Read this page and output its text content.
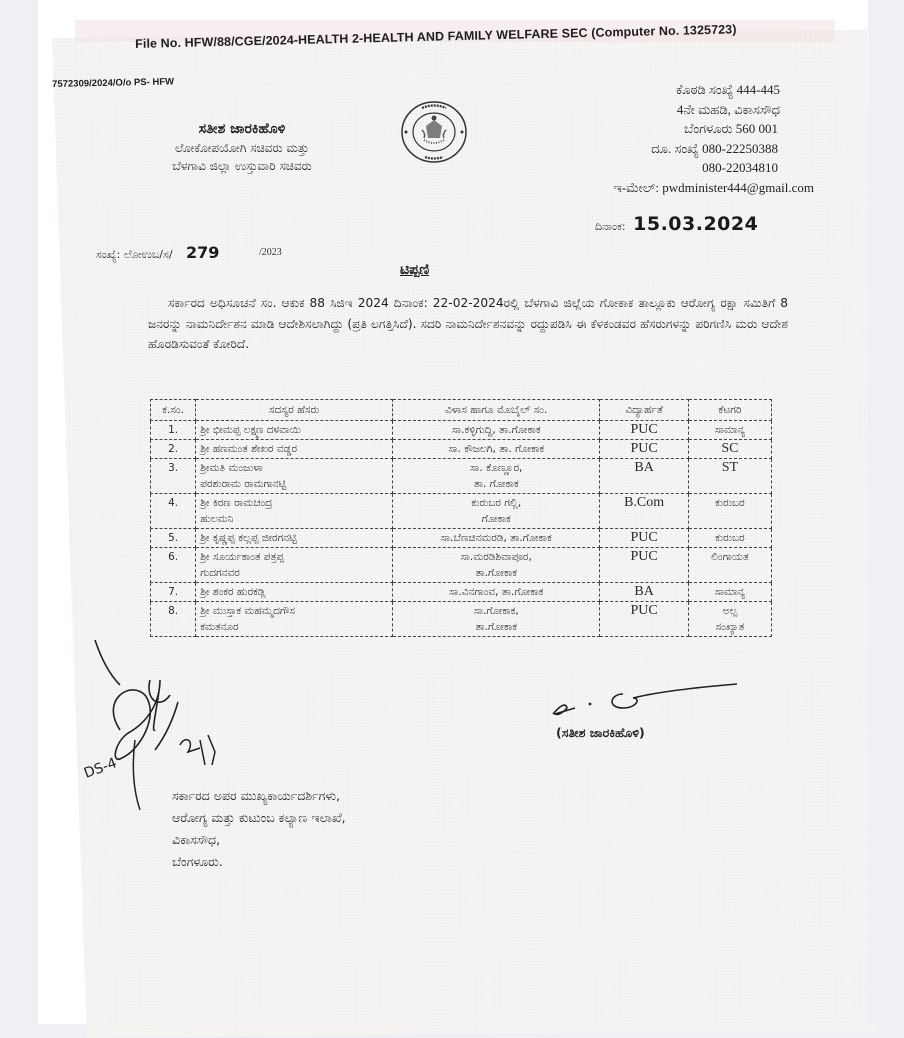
File No. HFW/88/CGE/2024-HEALTH 2-HEALTH AND FAMILY WELFARE SEC (Computer No. 1325723)
7572309/2024/O/o PS- HFW
ಸತೀಶ ಜಾರಕಿಹೊಳಿ
ಲೋಕೋಪಯೋಗಿ ಸಚಿವರು ಮತ್ತು
ಬೆಳಗಾವಿ ಜಿಲ್ಲಾ ಉಸ್ತುವಾರಿ ಸಚಿವರು
ಕೊಠಡಿ ಸಂಖ್ಯೆ 444-445
4ನೇ ಮಹಡಿ, ವಿಕಾಸಸೌಧ
ಬೆಂಗಳೂರು 560 001
ದೂ. ಸಂಖ್ಯೆ 080-22250388
080-22034810
ಇ-ಮೇಲ್: pwdminister444@gmail.com
ದಿನಾಂಕ: 15.03.2024
ಸಂಖ್ಯೆ: ಲೋಉಬ/ಸ/ 279	/2023
ಟಿಪ್ಪಣಿ
ಸರ್ಕಾರದ ಅಧಿಸೂಚನೆ ಸಂ. ಆಕುಕ 88 ಸಿಜಿಇ 2024 ದಿನಾಂಕ: 22-02-2024ರಲ್ಲಿ ಬೆಳಗಾವಿ ಜಿಲ್ಲೆಯ ಗೋಕಾಕ ತಾಲ್ಲೂಕು ಆರೋಗ್ಯ ರಕ್ಷಾ ಸಮಿತಿಗೆ 8 ಜನರನ್ನು ನಾಮನಿರ್ದೇಶನ ಮಾಡಿ ಆದೇಶಿಸಲಾಗಿದ್ದು (ಪ್ರತಿ ಲಗತ್ತಿಸಿದೆ). ಸದರಿ ನಾಮನಿರ್ದೇಶನವನ್ನು ರದ್ದುಪಡಿಸಿ ಈ ಕೆಳಕಂಡವರ ಹೆಸರುಗಳನ್ನು ಪರಿಗಣಿಸಿ ಮರು ಆದೇಶ ಹೊರಡಿಸುವಂತೆ ಕೋರಿದೆ.
ಕ.ಸಂ.	ಸದಸ್ಯರ ಹೆಸರು	ವಿಳಾಸ ಹಾಗೂ ಮೊಬೈಲ್ ಸಂ.	ವಿದ್ಯಾರ್ಹತೆ	ಕೆಟಗರಿ

1.	ಶ್ರೀ ಭೀಮಪ್ಪ ಲಕ್ಷ್ಮಣ ದಳವಾಯಿ	ಸಾ.ಕಳ್ಳಿಗುದ್ದಿ, ತಾ.ಗೋಕಾಕ	PUC	ಸಾಮಾನ್ಯ

2.	ಶ್ರೀ ಹಣಮಂತ ಶೇಖರ ವಡ್ಡರ	ಸಾ. ಕೌಜಲಗಿ, ತಾ. ಗೋಕಾಕ	PUC	SC

3.	ಶ್ರೀಮತಿ ಮಂಜುಳಾ
ಪರಶುರಾಮ ರಾಮಗಾನಟ್ಟಿ	ಸಾ. ಕೊಣ್ಣೂರ,
ತಾ. ಗೋಕಾಕ	BA	ST

4.	ಶ್ರೀ ಕಿರಣ ರಾಮಚಂದ್ರ
ಹುಲಮನಿ	ಕುರುಬರ ಗಲ್ಲಿ,
ಗೋಕಾಕ	B.Com	ಕುರುಬರ

5.	ಶ್ರೀ ಕೃಷ್ಣಪ್ಪ ಕಲ್ಲಪ್ಪ ಜೀರಗನಟ್ಟಿ	ಸಾ.ಬೆಣಚಿನಮರಡಿ, ತಾ.ಗೋಕಾಕ	PUC	ಕುರುಬರ

6.	ಶ್ರೀ ಸೂರ್ಯಕಾಂತ ಪತ್ರಪ್ಪ
ಗುದಗನವರ	ಸಾ.ಮರಡಿಶಿವಾಪೂರ,
ತಾ.ಗೋಕಾಕ	PUC	ಲಿಂಗಾಯತ

7.	ಶ್ರೀ ಶಂಕರ ಹುರಕಡ್ಲಿ	ಸಾ.ವಿನಗಾಂವ, ತಾ.ಗೋಕಾಕ	BA	ಸಾಮಾನ್ಯ

8.	ಶ್ರೀ ಮುಸ್ತಾಕ ಮಹಮ್ಮದಗೌಸ
ಕಮತನೂರ	ಸಾ.ಗೋಕಾಕ,
ತಾ.ಗೋಕಾಕ	PUC	ಅಲ್ಪ
ಸಂಖ್ಯಾತ
DS-4
(ಸತೀಶ ಜಾರಕಿಹೊಳಿ)
ಸರ್ಕಾರದ ಅಪರ ಮುಖ್ಯಕಾರ್ಯದರ್ಶಿಗಳು,
ಆರೋಗ್ಯ ಮತ್ತು ಕುಟುಂಬ ಕಲ್ಯಾಣ ಇಲಾಖೆ,
ವಿಕಾಸಸೌಧ,
ಬೆಂಗಳೂರು.
